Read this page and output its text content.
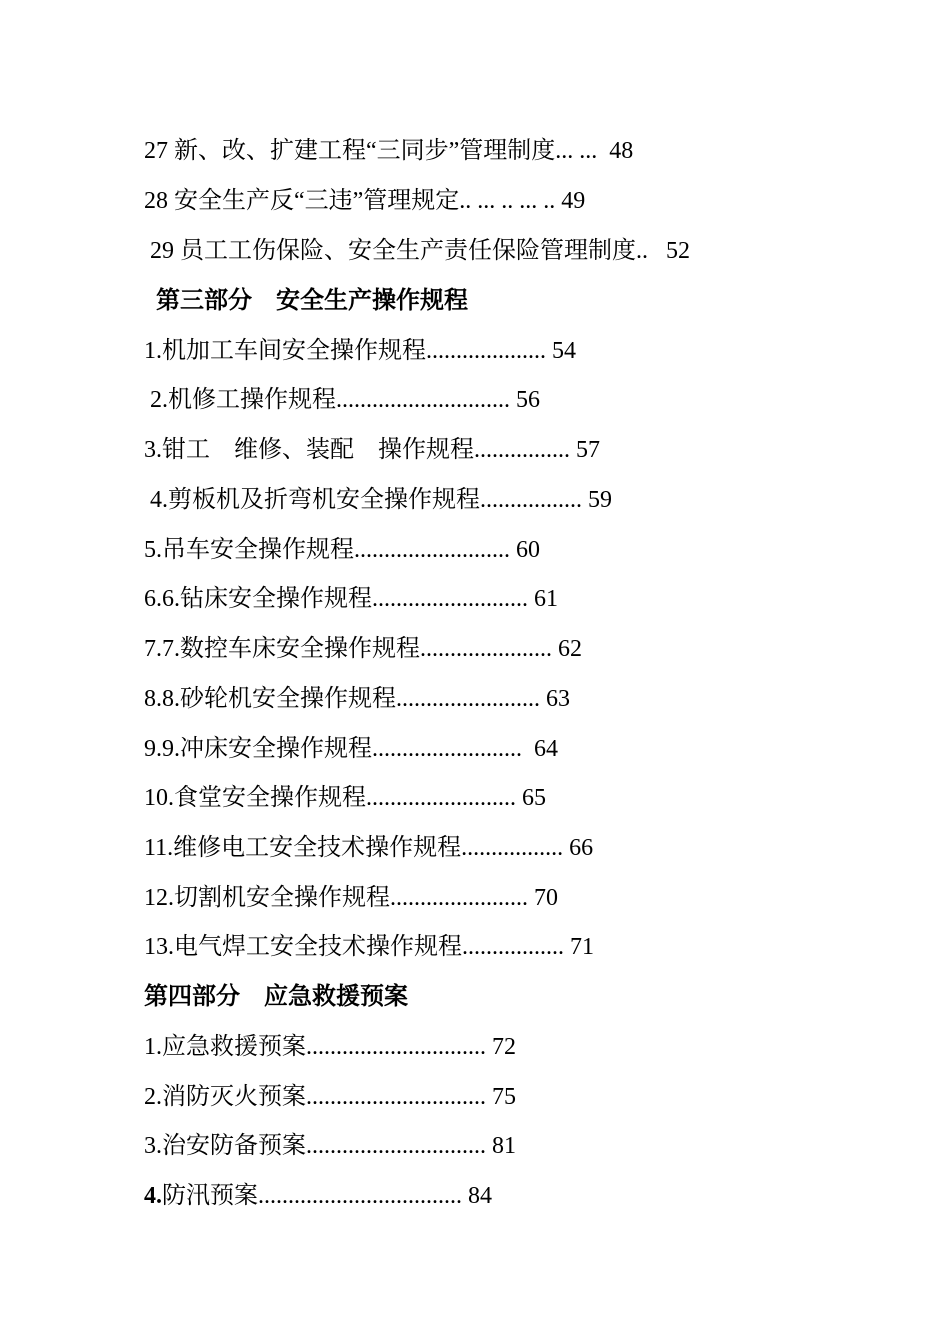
27 新、改、扩建工程“三同步”管理制度... ...  48
28 安全生产反“三违”管理规定.. ... .. ... .. 49
29 员工工伤保险、安全生产责任保险管理制度..   52
第三部分    安全生产操作规程
1.机加工车间安全操作规程.................... 54
2.机修工操作规程............................. 56
3.钳工    维修、装配    操作规程................ 57
4.剪板机及折弯机安全操作规程................. 59
5.吊车安全操作规程.......................... 60
6.6.钻床安全操作规程.......................... 61
7.7.数控车床安全操作规程...................... 62
8.8.砂轮机安全操作规程........................ 63
9.9.冲床安全操作规程.........................  64
10.食堂安全操作规程......................... 65
11.维修电工安全技术操作规程................. 66
12.切割机安全操作规程....................... 70
13.电气焊工安全技术操作规程................. 71
第四部分    应急救援预案
1.应急救援预案.............................. 72
2.消防灭火预案.............................. 75
3.治安防备预案.............................. 81
4.防汛预案.................................. 84
